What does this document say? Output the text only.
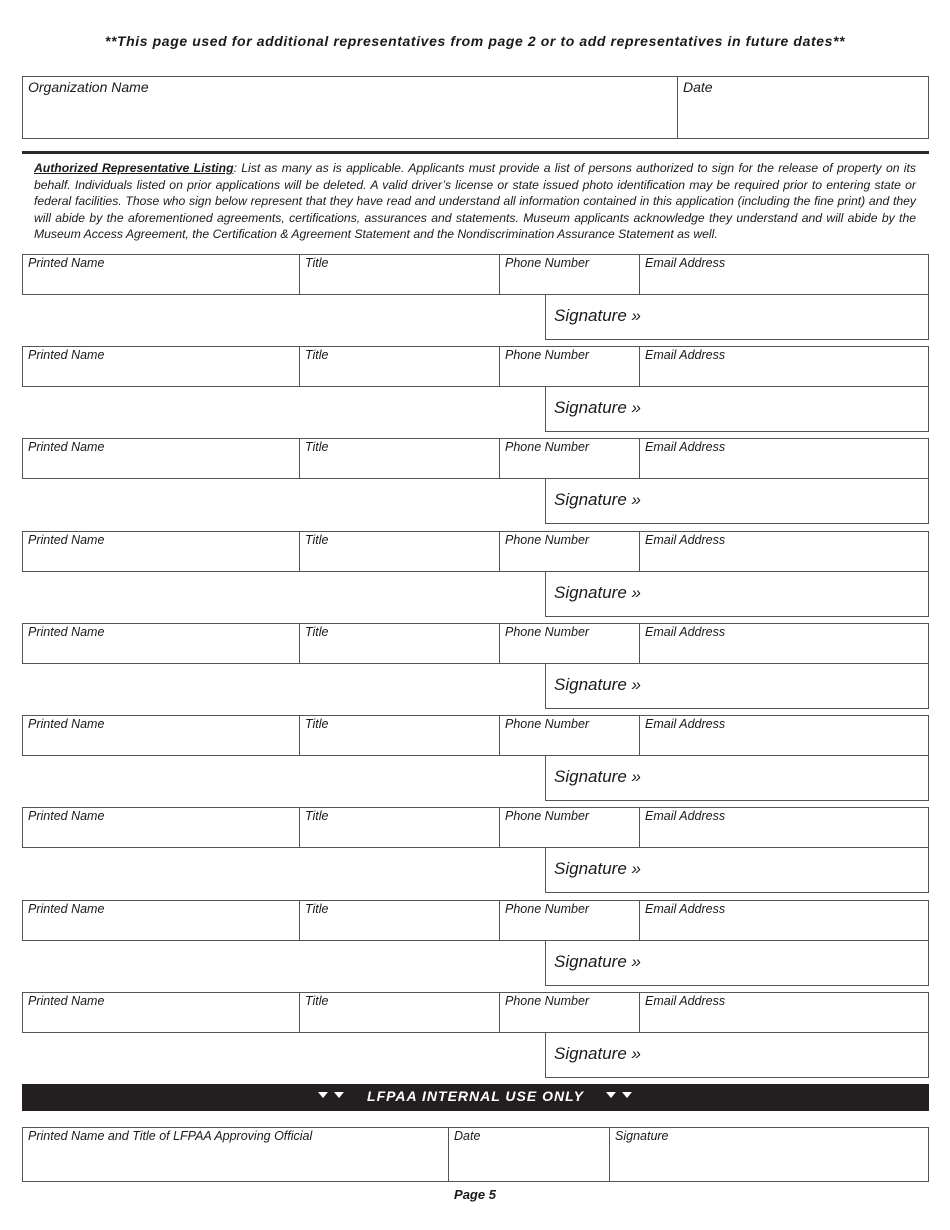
**This page used for additional representatives from page 2 or to add representatives in future dates**
Organization Name	Date
Authorized Representative Listing: List as many as is applicable. Applicants must provide a list of persons authorized to sign for the release of property on its behalf. Individuals listed on prior applications will be deleted. A valid driver’s license or state issued photo identification may be required prior to entering state or federal facilities. Those who sign below represent that they have read and understand all information contained in this application (including the fine print) and they will abide by the aforementioned agreements, certifications, assurances and statements. Museum applicants acknowledge they understand and will abide by the Museum Access Agreement, the Certification & Agreement Statement and the Nondiscrimination Assurance Statement as well.
Printed Name	Title	Phone Number	Email Address
Signature »
Printed Name	Title	Phone Number	Email Address
Signature »
Printed Name	Title	Phone Number	Email Address
Signature »
Printed Name	Title	Phone Number	Email Address
Signature »
Printed Name	Title	Phone Number	Email Address
Signature »
Printed Name	Title	Phone Number	Email Address
Signature »
Printed Name	Title	Phone Number	Email Address
Signature »
Printed Name	Title	Phone Number	Email Address
Signature »
Printed Name	Title	Phone Number	Email Address
Signature »
LFPAA INTERNAL USE ONLY
Printed Name and Title of LFPAA Approving Official	Date	Signature
Page 5
